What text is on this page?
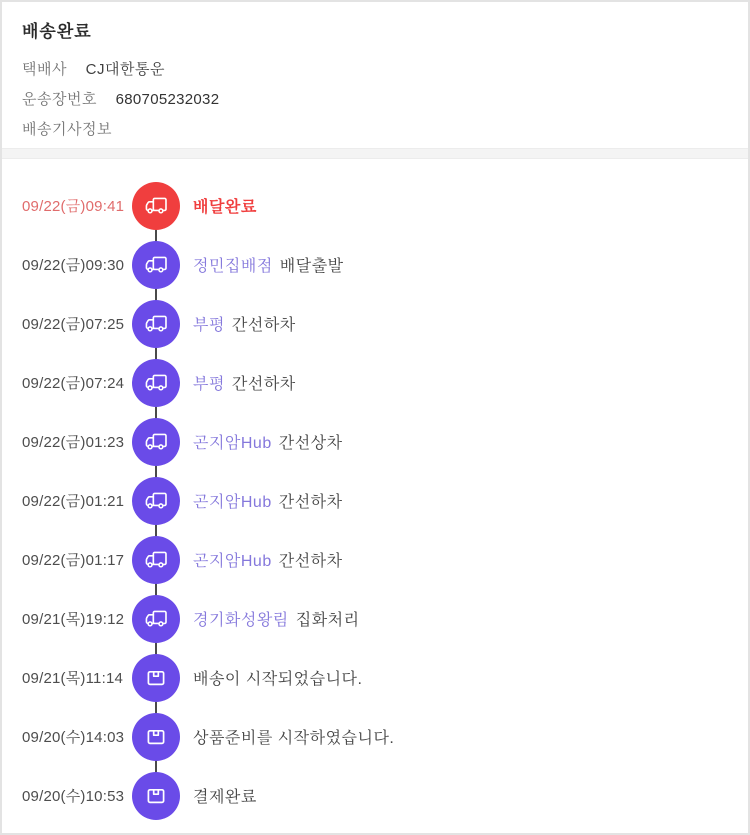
배송완료
택배사 CJ대한통운
운송장번호 680705232032
배송기사정보
09/22(금)09:41	배달완료

09/22(금)09:30	정민집배점 배달출발

09/22(금)07:25	부평 간선하차

09/22(금)07:24	부평 간선하차

09/22(금)01:23	곤지암Hub 간선상차

09/22(금)01:21	곤지암Hub 간선하차

09/22(금)01:17	곤지암Hub 간선하차

09/21(목)19:12	경기화성왕림 집화처리

09/21(목)11:14	배송이 시작되었습니다.

09/20(수)14:03	상품준비를 시작하였습니다.

09/20(수)10:53	결제완료
